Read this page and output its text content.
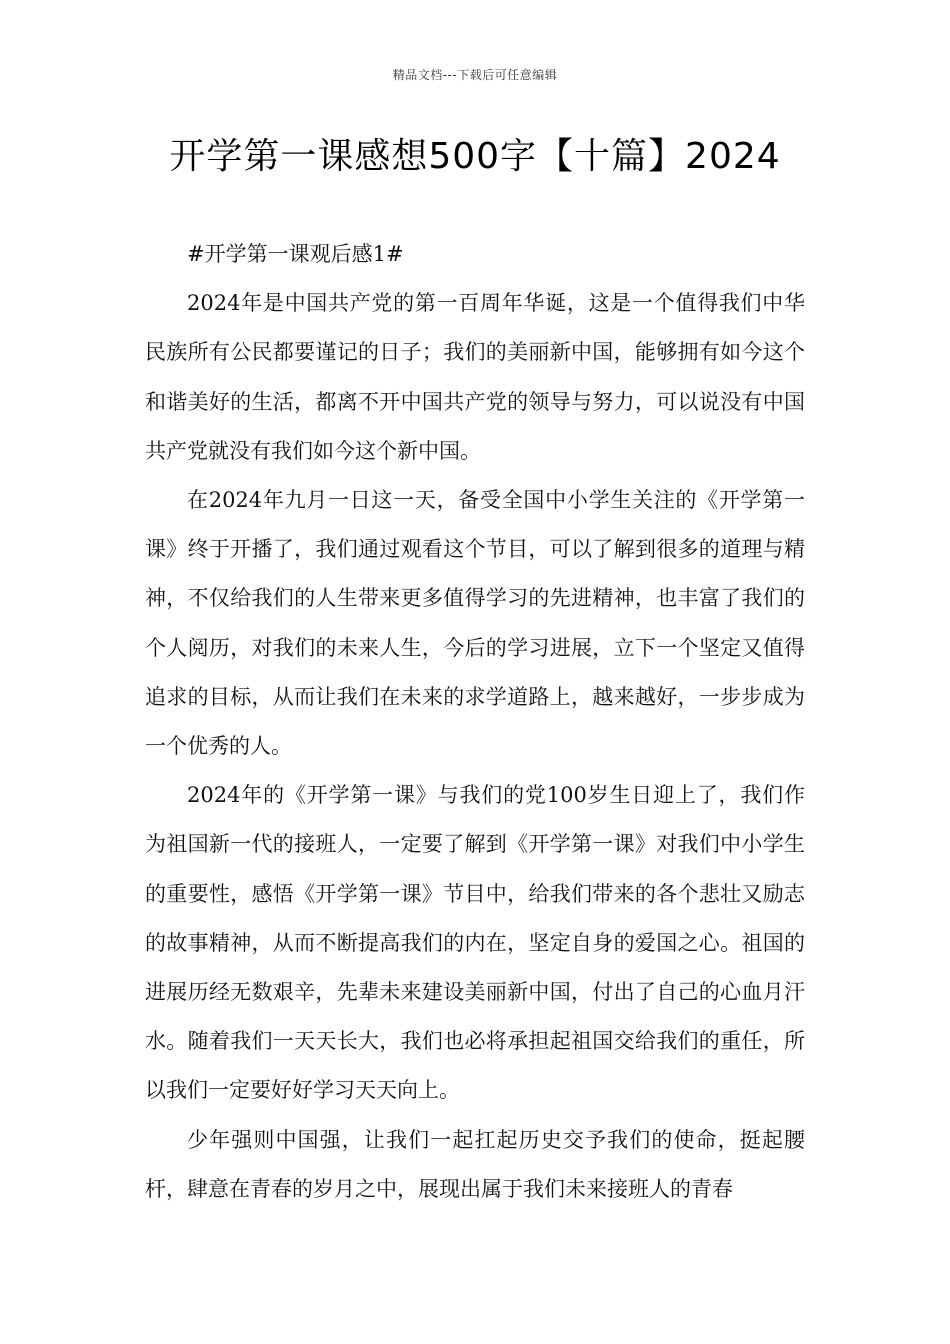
精品文档---下载后可任意编辑
开学第一课感想500字【十篇】2024

#开学第一课观后感1#

2024年是中国共产党的第一百周年华诞，这是一个值得我们中华民族所有公民都要谨记的日子；我们的美丽新中国，能够拥有如今这个和谐美好的生活，都离不开中国共产党的领导与努力，可以说没有中国共产党就没有我们如今这个新中国。

在2024年九月一日这一天，备受全国中小学生关注的《开学第一课》终于开播了，我们通过观看这个节目，可以了解到很多的道理与精神，不仅给我们的人生带来更多值得学习的先进精神，也丰富了我们的个人阅历，对我们的未来人生，今后的学习进展，立下一个坚定又值得追求的目标，从而让我们在未来的求学道路上，越来越好，一步步成为一个优秀的人。

2024年的《开学第一课》与我们的党100岁生日迎上了，我们作为祖国新一代的接班人，一定要了解到《开学第一课》对我们中小学生的重要性，感悟《开学第一课》节目中，给我们带来的各个悲壮又励志的故事精神，从而不断提高我们的内在，坚定自身的爱国之心。祖国的进展历经无数艰辛，先辈未来建设美丽新中国，付出了自己的心血月汗水。随着我们一天天长大，我们也必将承担起祖国交给我们的重任，所以我们一定要好好学习天天向上。

少年强则中国强，让我们一起扛起历史交予我们的使命，挺起腰杆，肆意在青春的岁月之中，展现出属于我们未来接班人的青春
